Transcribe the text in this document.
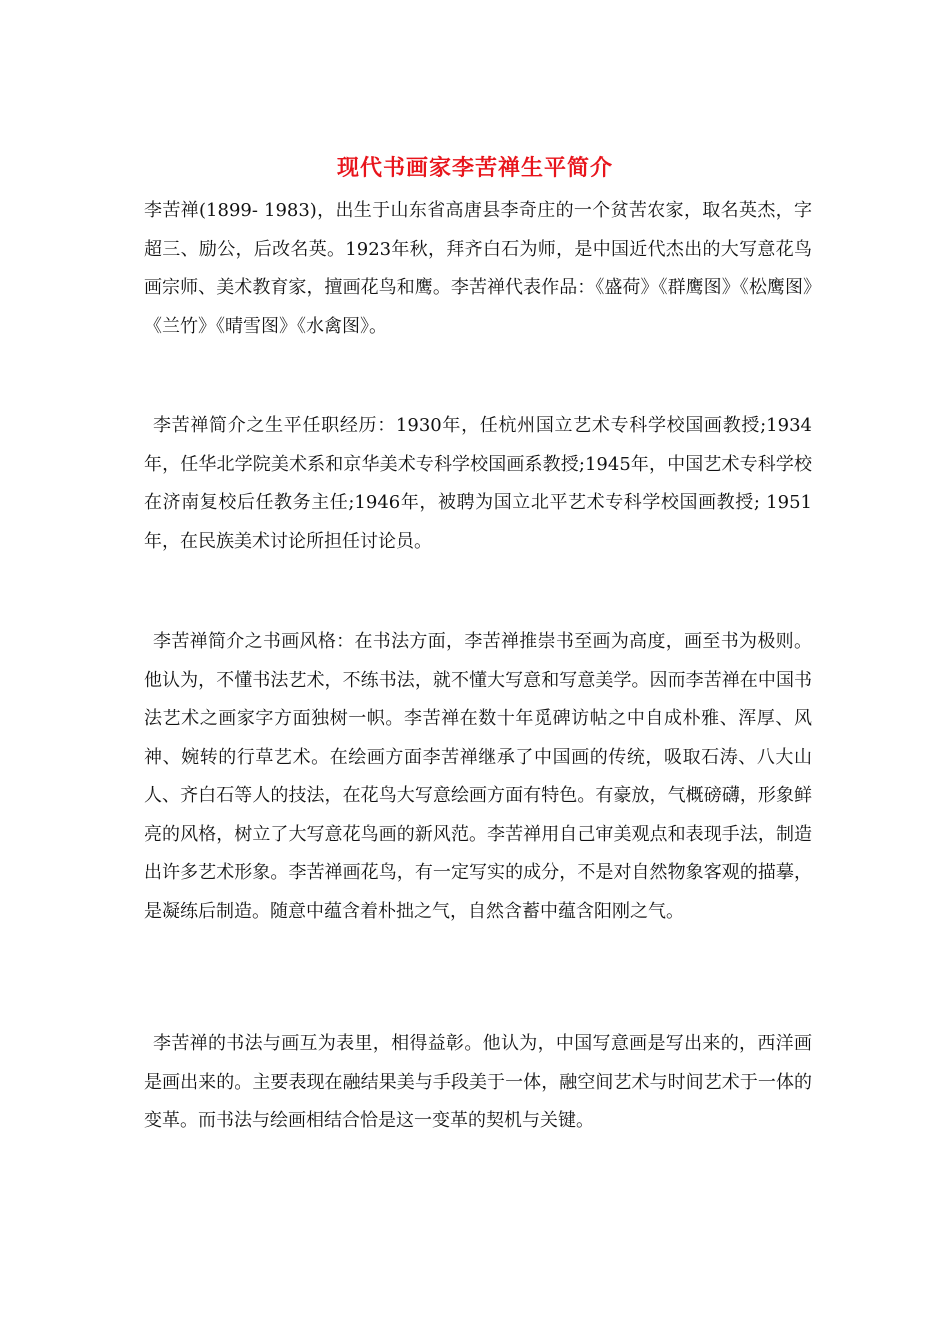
现代书画家李苦禅生平简介

李苦禅(1899- 1983)，出生于山东省高唐县李奇庄的一个贫苦农家，取名英杰，字超三、励公，后改名英。1923年秋，拜齐白石为师，是中国近代杰出的大写意花鸟画宗师、美术教育家，擅画花鸟和鹰。李苦禅代表作品：《盛荷》《群鹰图》《松鹰图》《兰竹》《晴雪图》《水禽图》。

李苦禅简介之生平任职经历：1930年，任杭州国立艺术专科学校国画教授;1934年，任华北学院美术系和京华美术专科学校国画系教授;1945年，中国艺术专科学校在济南复校后任教务主任;1946年，被聘为国立北平艺术专科学校国画教授; 1951年，在民族美术讨论所担任讨论员。

李苦禅简介之书画风格：在书法方面，李苦禅推崇书至画为高度，画至书为极则。他认为，不懂书法艺术，不练书法，就不懂大写意和写意美学。因而李苦禅在中国书法艺术之画家字方面独树一帜。李苦禅在数十年觅碑访帖之中自成朴雅、浑厚、风神、婉转的行草艺术。在绘画方面李苦禅继承了中国画的传统，吸取石涛、八大山人、齐白石等人的技法，在花鸟大写意绘画方面有特色。有豪放，气概磅礴，形象鲜亮的风格，树立了大写意花鸟画的新风范。李苦禅用自己审美观点和表现手法，制造出许多艺术形象。李苦禅画花鸟，有一定写实的成分，不是对自然物象客观的描摹，是凝练后制造。随意中蕴含着朴拙之气，自然含蓄中蕴含阳刚之气。

李苦禅的书法与画互为表里，相得益彰。他认为，中国写意画是写出来的，西洋画是画出来的。主要表现在融结果美与手段美于一体，融空间艺术与时间艺术于一体的变革。而书法与绘画相结合恰是这一变革的契机与关键。
